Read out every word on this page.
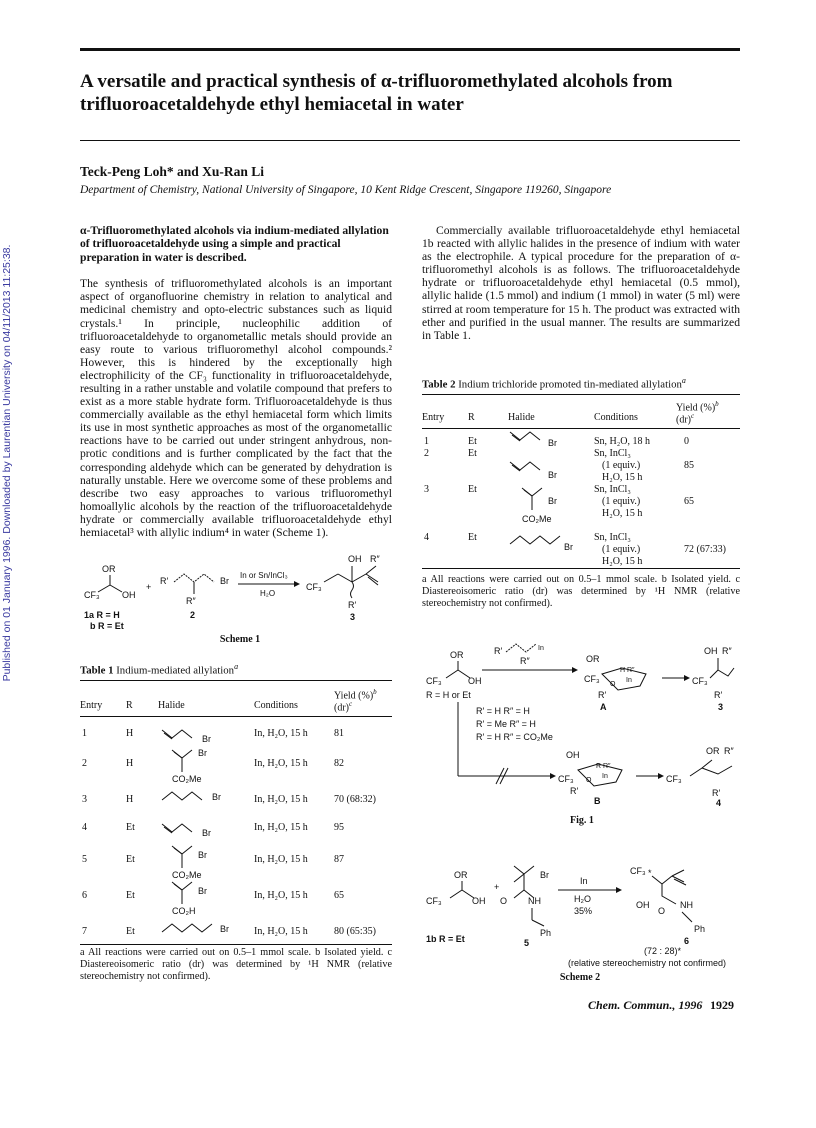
Published on 01 January 1996. Downloaded by Laurentian University on 04/11/2013 11:25:38.
A versatile and practical synthesis of α-trifluoromethylated alcohols from trifluoroacetaldehyde ethyl hemiacetal in water
Teck-Peng Loh* and Xu-Ran Li
Department of Chemistry, National University of Singapore, 10 Kent Ridge Crescent, Singapore 119260, Singapore

α-Trifluoromethylated alcohols via indium-mediated allylation of trifluoroacetaldehyde using a simple and practical preparation in water is described.

The synthesis of trifluoromethylated alcohols is an important aspect of organofluorine chemistry in relation to analytical and medicinal chemistry and opto-electric substances such as liquid crystals.¹ In principle, nucleophilic addition of trifluoroacetaldehyde to organometallic metals should provide an easy route to various trifluoromethyl alcohol compounds.² However, this is hindered by the exceptionally high electrophilicity of the CF₃ functionality in trifluoroacetaldehyde, resulting in a rather unstable and volatile compound that prefers to exist as a more stable hydrate form. Trifluoroacetaldehyde is thus commercially available as the ethyl hemiacetal form which limits its use in most synthetic approaches as most of the organometallic reactions have to be carried out under stringent anhydrous, non-protic conditions and is further complicated by the fact that the corresponding aldehyde which can be generated by dehydration is naturally unstable. Here we overcome some of these problems and describe two easy approaches to various trifluoromethyl homoallylic alcohols by the reaction of the trifluoroacetaldehyde hydrate or commercially available trifluoroacetaldehyde ethyl hemiacetal³ with allylic indium⁴ in water (Scheme 1).

OR
CF₃ OH
+
R′	Br
R″
In or Sn/InCl₃
H₂O
OH R″
CF₃
R′
1a R = H
b R = Et
2	3
Scheme 1
Table 1 Indium-mediated allylation$^a$
Entry R	Halide	Conditions
Yield (%)$^b$
(dr)$^c$
1	H	Br	In, H₂O, 15 h	81
2	H
Br
CO₂Me
In, H₂O, 15 h	82
3	H	Br	In, H₂O, 15 h	70 (68:32)
4	Et	Br	In, H₂O, 15 h	95
5	Et	Br
CO₂Me
In, H₂O, 15 h	87
6	Et	Br
CO₂H
In, H₂O, 15 h	65
7	Et	Br	In, H₂O, 15 h	80 (65:35)
a All reactions were carried out on 0.5–1 mmol scale. b Isolated yield. c Diastereoisomeric ratio (dr) was determined by ¹H NMR (relative stereochemistry not confirmed).

Commercially available trifluoroacetaldehyde ethyl hemiacetal 1b reacted with allylic halides in the presence of indium with water as the electrophile. A typical procedure for the preparation of α-trifluoromethyl alcohols is as follows. The trifluoroacetaldehyde hydrate or trifluoroacetaldehyde ethyl hemiacetal (0.5 mmol), allylic halide (1.5 mmol) and indium (1 mmol) in water (5 ml) were stirred at room temperature for 15 h. The product was extracted with ether and purified in the usual manner. The results are summarized in Table 1.

Table 2 Indium trichloride promoted tin-mediated allylation$^a$
Entry R	Halide	Conditions
Yield (%)$^b$
(dr)$^c$
1	Et	Br	Sn, H₂O, 18 h	0
2	Et
Br
Sn, InCl₃
(1 equiv.)
H₂O, 15 h
85
3	Et
Br
CO₂Me
Sn, InCl₃
(1 equiv.)
H₂O, 15 h
65
4	Et
Br
Sn, InCl₃
(1 equiv.)
H₂O, 15 h
72 (67:33)
a All reactions were carried out on 0.5–1 mmol scale. b Isolated yield. c Diastereoisomeric ratio (dr) was determined by ¹H NMR (relative stereochemistry not confirmed).
OR
CF₃	OH
R = H or Et
R′	In
R″
R′ = H R″ = H
R′ = Me R″ = H
R′ = H R″ = CO₂Me
OR
CF₃
R′
O
In
H R″
A
CF₃
OH R″
R′
3
OH
CF₃
R′
O
In
R R″
B
CF₃
OR R″
R′
4
Fig. 1
OR
CF₃	OH
+
Br
O NH
Ph
In
H₂O
35%
CF₃ *
OH
O
NH
Ph
1b R = Et	5	6
(72 : 28)*
(relative stereochemistry not confirmed)
Scheme 2
Chem. Commun., 1996 1929
